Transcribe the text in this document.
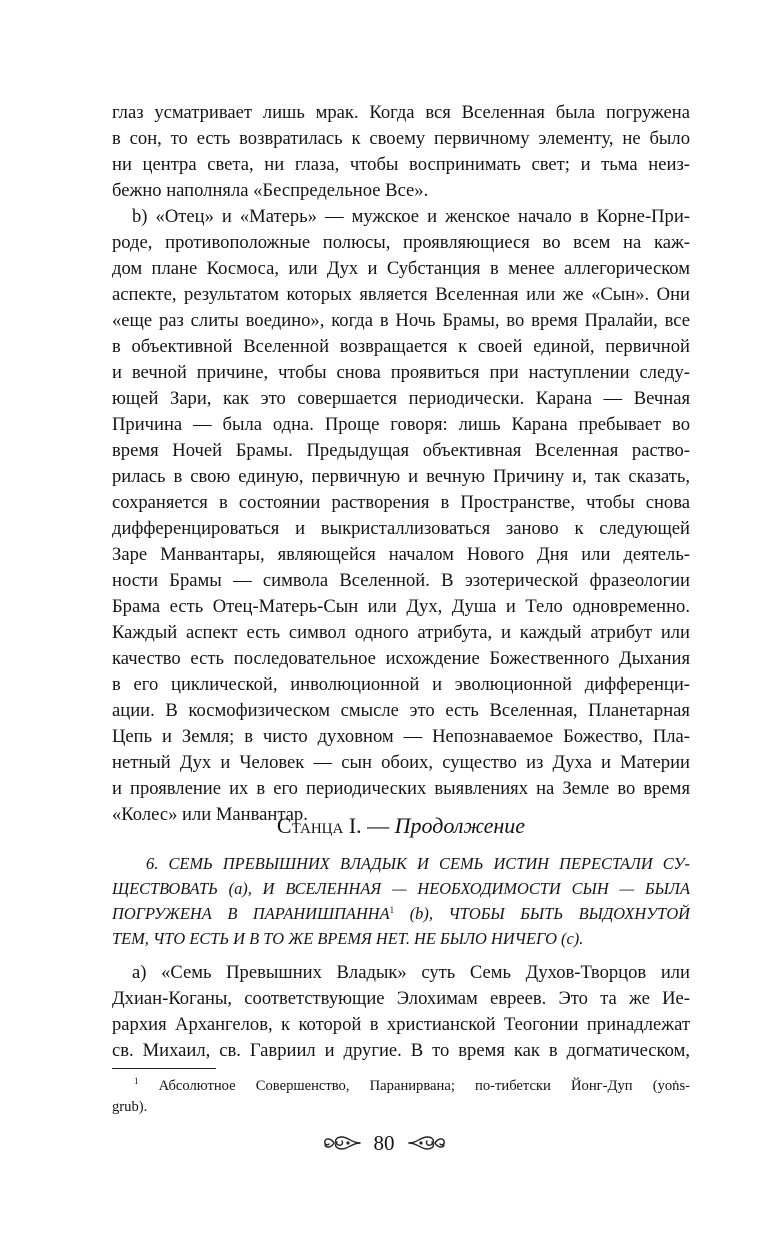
глаз усматривает лишь мрак. Когда вся Вселенная была погружена
в сон, то есть возвратилась к своему первичному элементу, не было
ни центра света, ни глаза, чтобы воспринимать свет; и тьма неиз-
бежно наполняла «Беспредельное Все».
b) «Отец» и «Матерь» — мужское и женское начало в Корне-При-
роде, противоположные полюсы, проявляющиеся во всем на каж-
дом плане Космоса, или Дух и Субстанция в менее аллегорическом
аспекте, результатом которых является Вселенная или же «Сын». Они
«еще раз слиты воедино», когда в Ночь Брамы, во время Пралайи, все
в объективной Вселенной возвращается к своей единой, первичной
и вечной причине, чтобы снова проявиться при наступлении следу-
ющей Зари, как это совершается периодически. Карана — Вечная
Причина — была одна. Проще говоря: лишь Карана пребывает во
время Ночей Брамы. Предыдущая объективная Вселенная раство-
рилась в свою единую, первичную и вечную Причину и, так сказать,
сохраняется в состоянии растворения в Пространстве, чтобы снова
дифференцироваться и выкристаллизоваться заново к следующей
Заре Манвантары, являющейся началом Нового Дня или деятель-
ности Брамы — символа Вселенной. В эзотерической фразеологии
Брама есть Отец-Матерь-Сын или Дух, Душа и Тело одновременно.
Каждый аспект есть символ одного атрибута, и каждый атрибут или
качество есть последовательное исхождение Божественного Дыхания
в его циклической, инволюционной и эволюционной дифференци-
ации. В космофизическом смысле это есть Вселенная, Планетарная
Цепь и Земля; в чисто духовном — Непознаваемое Божество, Пла-
нетный Дух и Человек — сын обоих, существо из Духа и Материи
и проявление их в его периодических выявлениях на Земле во время
«Колес» или Манвантар.
Станца I. — Продолжение
6. СЕМЬ ПРЕВЫШНИХ ВЛАДЫК И СЕМЬ ИСТИН ПЕРЕСТАЛИ СУ-
ЩЕСТВОВАТЬ (а), И ВСЕЛЕННАЯ — НЕОБХОДИМОСТИ СЫН — БЫЛА
ПОГРУЖЕНА В ПАРАНИШПАННА$^1$ (b), ЧТОБЫ БЫТЬ ВЫДОХНУТОЙ
ТЕМ, ЧТО ЕСТЬ И В ТО ЖЕ ВРЕМЯ НЕТ. НЕ БЫЛО НИЧЕГО (с).
а) «Семь Превышних Владык» суть Семь Духов-Творцов или
Дхиан-Коганы, соответствующие Элохимам евреев. Это та же Ие-
рархия Архангелов, к которой в христианской Теогонии принадлежат
св. Михаил, св. Гавриил и другие. В то время как в догматическом,
$^1$ Абсолютное Совершенство, Паранирвана; по-тибетски Йонг-Дуп (yoṅs-
grub).
80
